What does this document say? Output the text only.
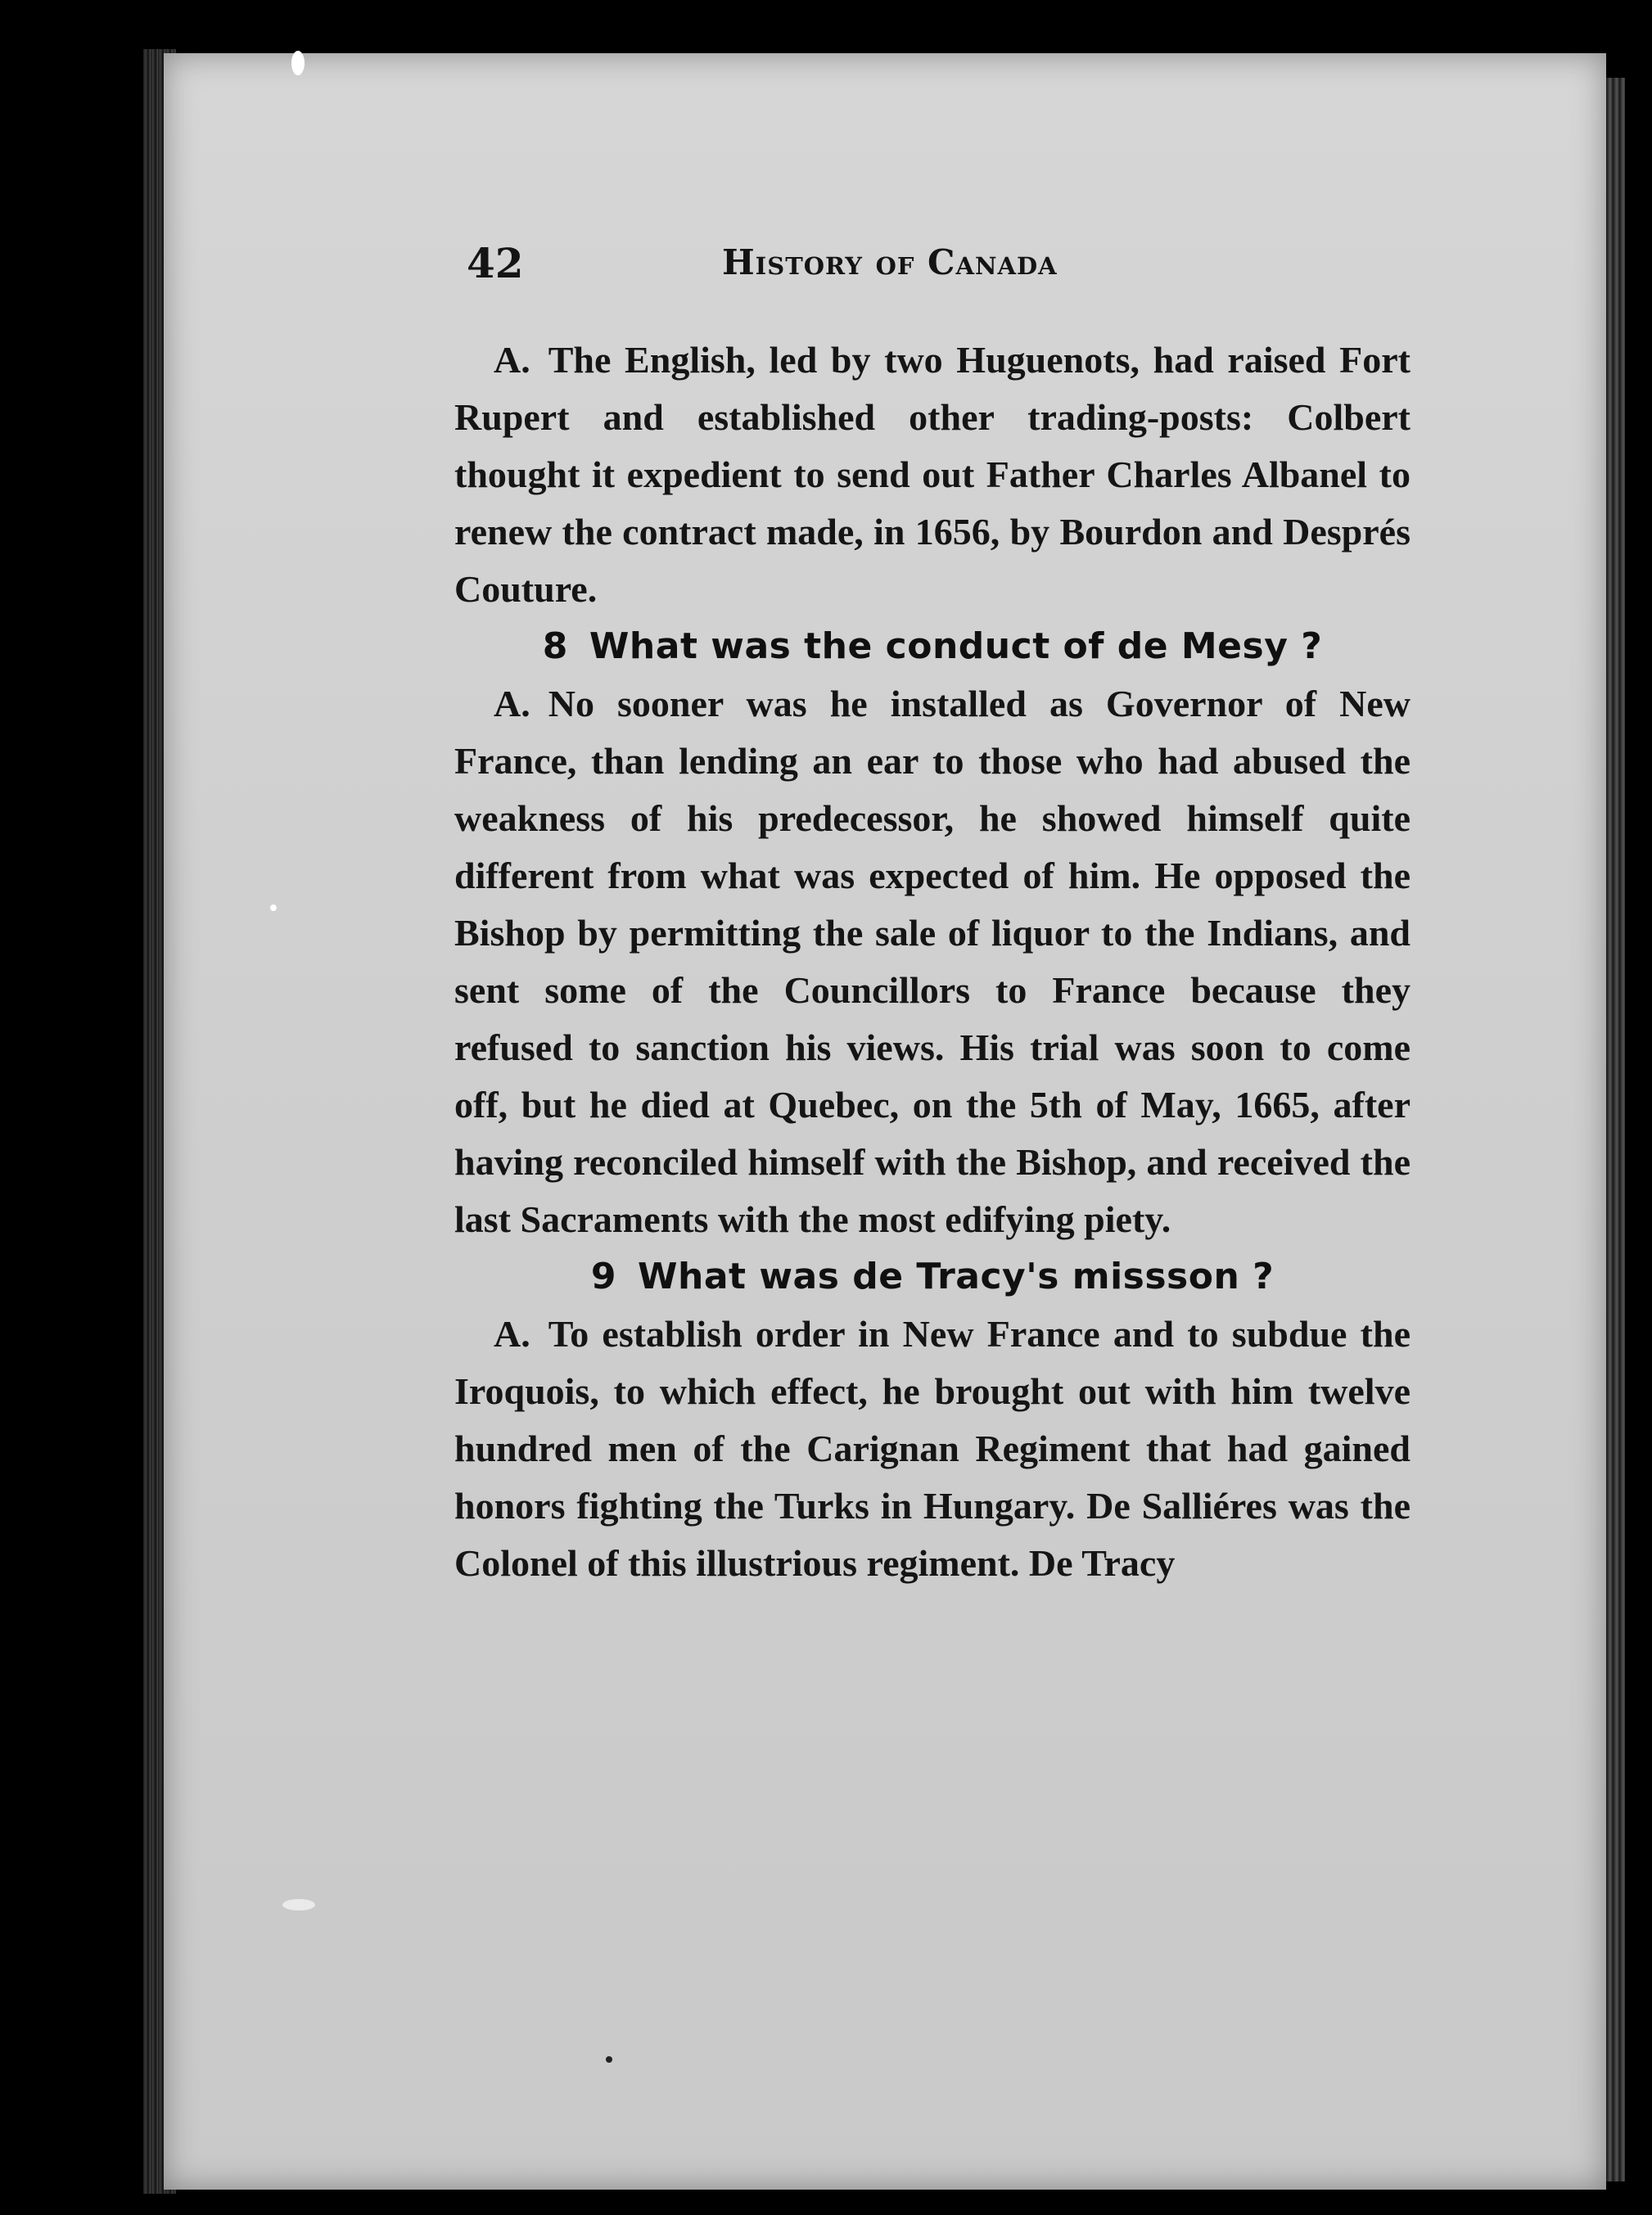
42	History of Canada

A. The English, led by two Huguenots, had raised Fort Rupert and established other trading-posts: Colbert thought it expedient to send out Father Charles Albanel to renew the contract made, in 1656, by Bourdon and Després Couture.

8 What was the conduct of de Mesy ?

A. No sooner was he installed as Governor of New France, than lending an ear to those who had abused the weakness of his predecessor, he showed himself quite different from what was expected of him. He opposed the Bishop by permitting the sale of liquor to the Indians, and sent some of the Councillors to France because they refused to sanction his views. His trial was soon to come off, but he died at Quebec, on the 5th of May, 1665, after having reconciled himself with the Bishop, and received the last Sacraments with the most edifying piety.

9 What was de Tracy's missson ?

A. To establish order in New France and to subdue the Iroquois, to which effect, he brought out with him twelve hundred men of the Carignan Regiment that had gained honors fighting the Turks in Hungary. De Salliéres was the Colonel of this illustrious regiment. De Tracy
